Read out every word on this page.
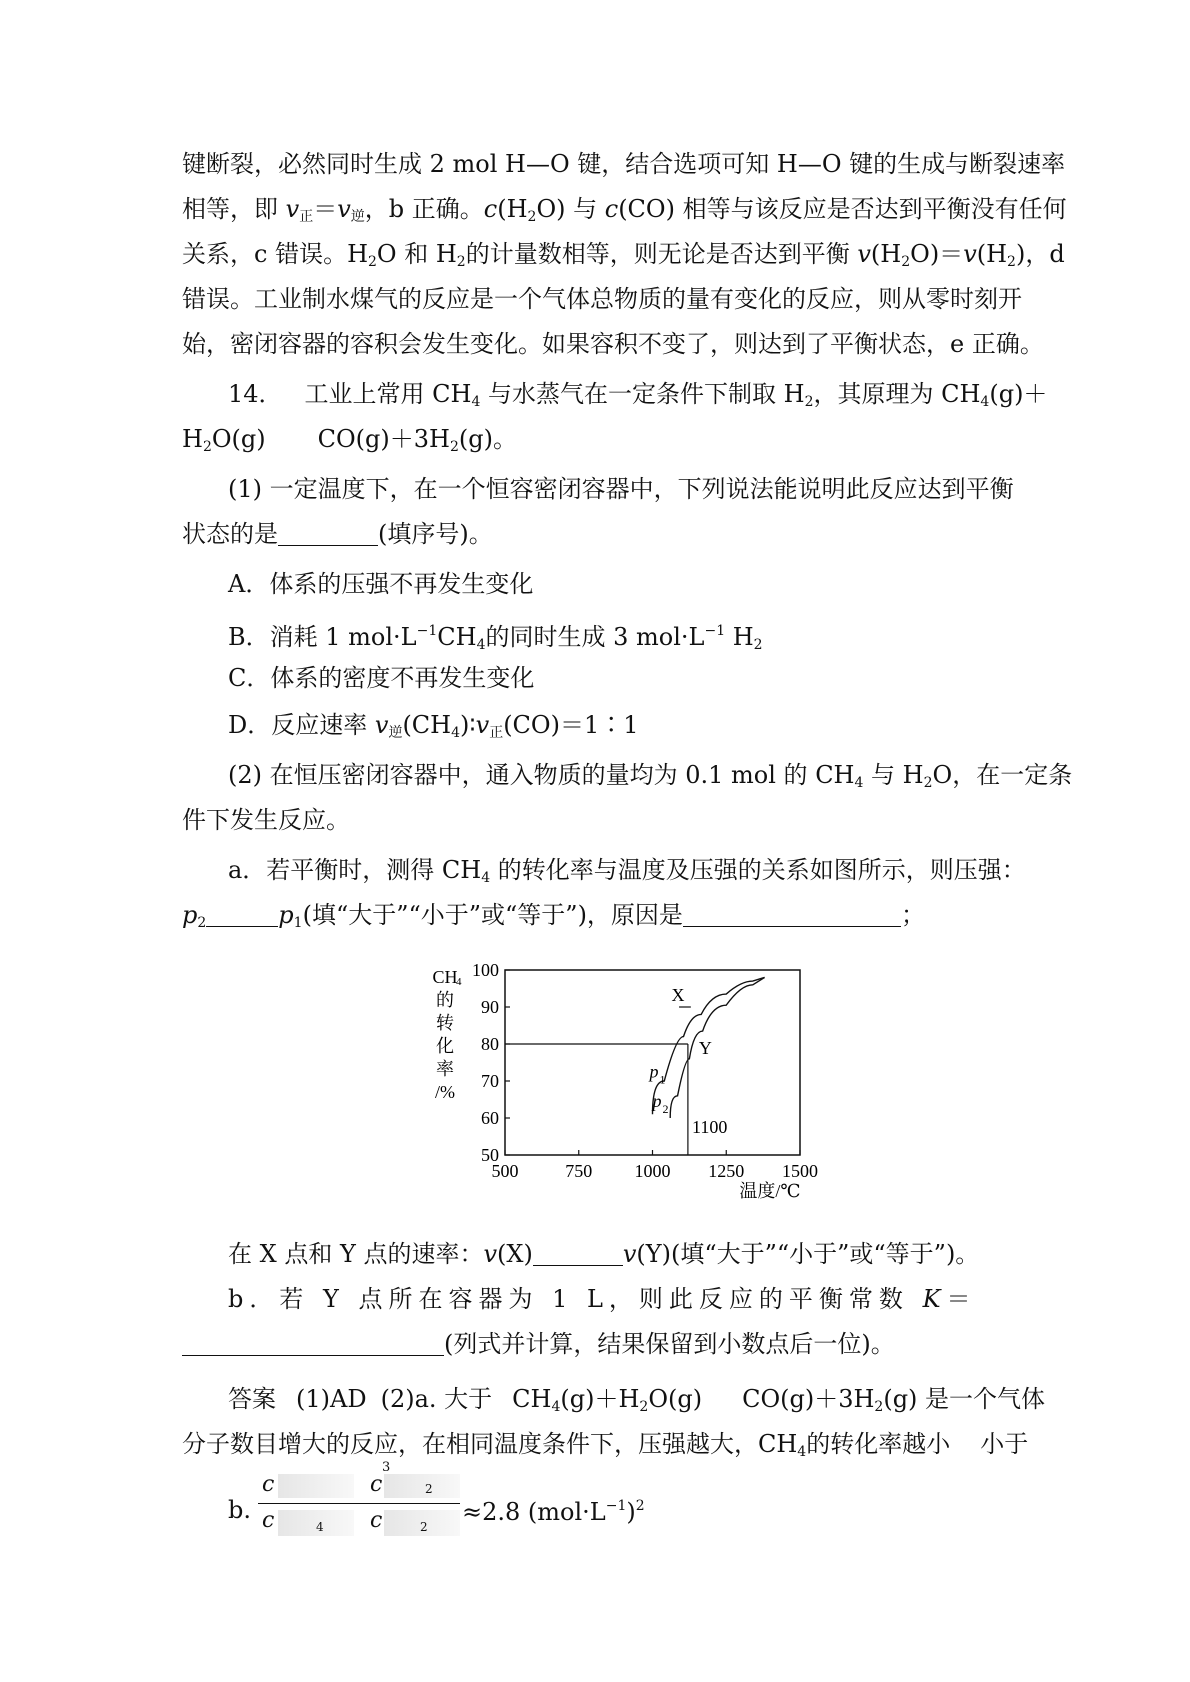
键断裂，必然同时生成 2 mol H—O 键，结合选项可知 H—O 键的生成与断裂速率
相等，即 $v_正=v_逆$，b 正确。$c(H_2O)$ 与 c(CO) 相等与该反应是否达到平衡没有任何
关系，c 错误。$H_2O$ 和 $H_2$的计量数相等，则无论是否达到平衡 $v(H_2O)=v(H_2)$，d
错误。工业制水煤气的反应是一个气体总物质的量有变化的反应，则从零时刻开
始，密闭容器的容积会发生变化。如果容积不变了，则达到了平衡状态，e 正确。
14． 工业上常用 $CH_4$ 与水蒸气在一定条件下制取 $H_2$，其原理为 $CH_4(g)+$
$H_2O(g)$ $CO(g)+3H_2(g)$。
(1) 一定温度下，在一个恒容密闭容器中，下列说法能说明此反应达到平衡
状态的是	(填序号)。
A．体系的压强不再发生变化
B．消耗 1 $mol\cdot L^{-1}CH_4$的同时生成 3 $mol\cdot L^{-1}$ $H_2$
C．体系的密度不再发生变化
D．反应速率 $v_逆(CH_4)∶v_正(CO)=1∶1$
(2) 在恒压密闭容器中，通入物质的量均为 0.1 mol 的 $CH_4$ 与 $H_2O$，在一定条
件下发生反应。
a．若平衡时，测得 $CH_4$ 的转化率与温度及压强的关系如图所示，则压强：
$p_2$	$p_1$(填“大于”“小于”或“等于”)，原因是	；
500	750 1000 1250 1500
50
60
70
80
90
100
p 1
p 2
X
Y
1100
CH
的
转
化
率
/%
4
温度/℃
在 X 点和 Y 点的速率：v(X)	v(Y)(填“大于”“小于”或“等于”)。
b．若 Y 点所在容器为 1 L，则此反应的平衡常数 K＝
(列式并计算，结果保留到小数点后一位)。
答案 (1)AD (2)a. 大于 $CH_4(g)+H_2O(g)$ $CO(g)+3H_2(g)$ 是一个气体
分子数目增大的反应，在相同温度条件下，压强越大，$CH_4$的转化率越小 小于
b.
c	c
3
2
c	4 c	2
≈2.8 $(mol\cdot L^{-1})^2$
